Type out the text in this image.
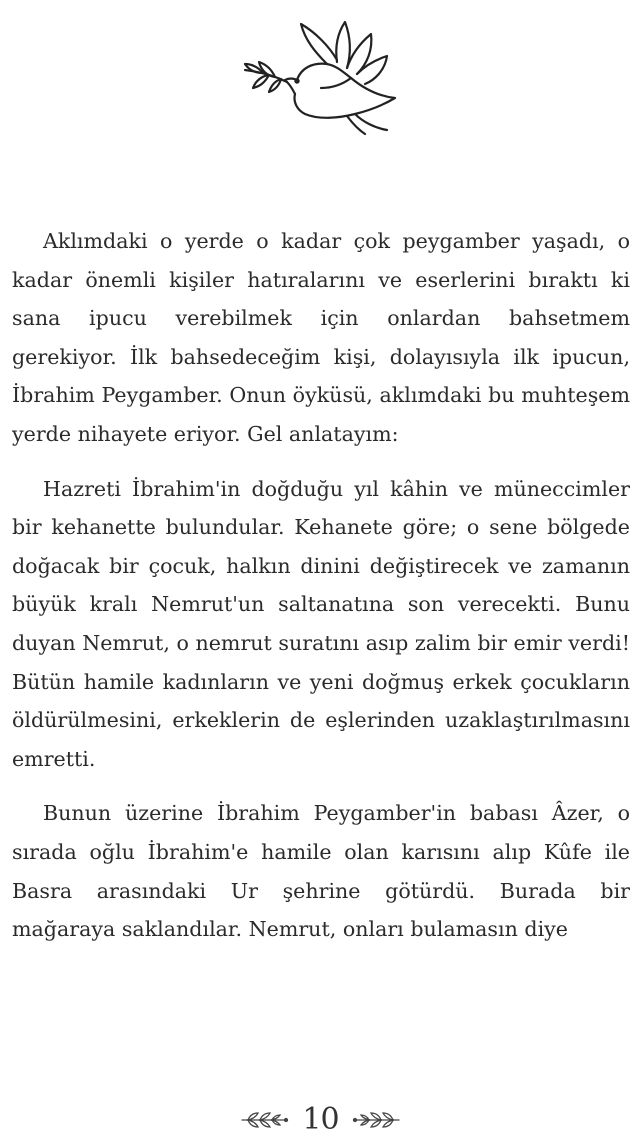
Aklımdaki o yerde o kadar çok peygamber yaşadı, o kadar önemli kişiler hatıralarını ve eserlerini bıraktı ki sana ipucu verebilmek için onlardan bahsetmem gerekiyor. İlk bahsedeceğim kişi, dolayısıyla ilk ipucun, İbrahim Peygamber. Onun öyküsü, aklımdaki bu muhteşem yerde nihayete eriyor. Gel anlatayım:

Hazreti İbrahim'in doğduğu yıl kâhin ve müneccimler bir kehanette bulundular. Kehanete göre; o sene bölgede doğacak bir çocuk, halkın dinini değiştirecek ve zamanın büyük kralı Nemrut'un saltanatına son verecekti. Bunu duyan Nemrut, o nemrut suratını asıp zalim bir emir verdi! Bütün hamile kadınların ve yeni doğmuş erkek çocukların öldürülmesini, erkeklerin de eşlerinden uzaklaştırılmasını emretti.

Bunun üzerine İbrahim Peygamber'in babası Âzer, o sırada oğlu İbrahim'e hamile olan karısını alıp Kûfe ile Basra arasındaki Ur şehrine götürdü. Burada bir mağaraya saklandılar. Nemrut, onları bulamasın diye

10
